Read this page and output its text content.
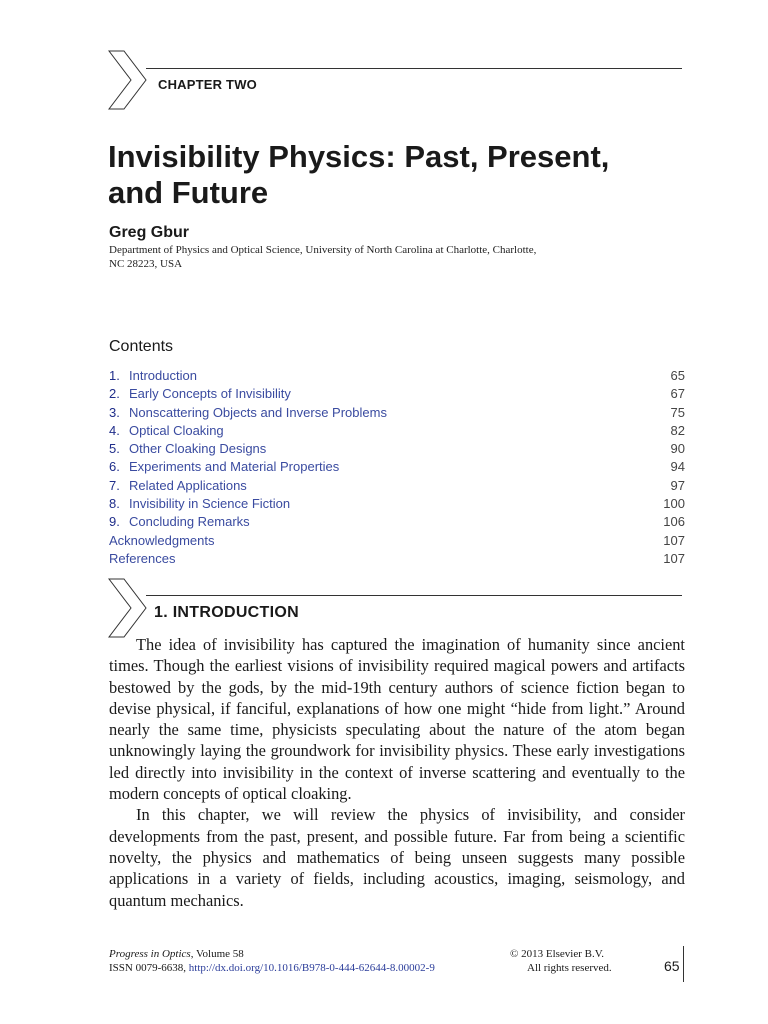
CHAPTER TWO
Invisibility Physics: Past, Present,
and Future
Greg Gbur
Department of Physics and Optical Science, University of North Carolina at Charlotte, Charlotte,
NC 28223, USA
Contents
1. Introduction	65
2. Early Concepts of Invisibility	67
3. Nonscattering Objects and Inverse Problems	75
4. Optical Cloaking	82
5. Other Cloaking Designs	90
6. Experiments and Material Properties	94
7. Related Applications	97
8. Invisibility in Science Fiction	100
9. Concluding Remarks	106
Acknowledgments	107
References	107
1. INTRODUCTION

The idea of invisibility has captured the imagination of humanity since ancient times. Though the earliest visions of invisibility required magical powers and artifacts bestowed by the gods, by the mid-19th century authors of science fiction began to devise physical, if fanciful, explanations of how one might “hide from light.” Around nearly the same time, physicists speculating about the nature of the atom began unknowingly laying the groundwork for invisibility physics. These early investigations led directly into invisibility in the context of inverse scattering and eventually to the modern concepts of optical cloaking.

In this chapter, we will review the physics of invisibility, and consider developments from the past, present, and possible future. Far from being a scientific novelty, the physics and mathematics of being unseen suggests many possible applications in a variety of fields, including acoustics, imaging, seismology, and quantum mechanics.

Progress in Optics, Volume 58
ISSN 0079-6638, http://dx.doi.org/10.1016/B978-0-444-62644-8.00002-9
© 2013 Elsevier B.V.
All rights reserved.	65
